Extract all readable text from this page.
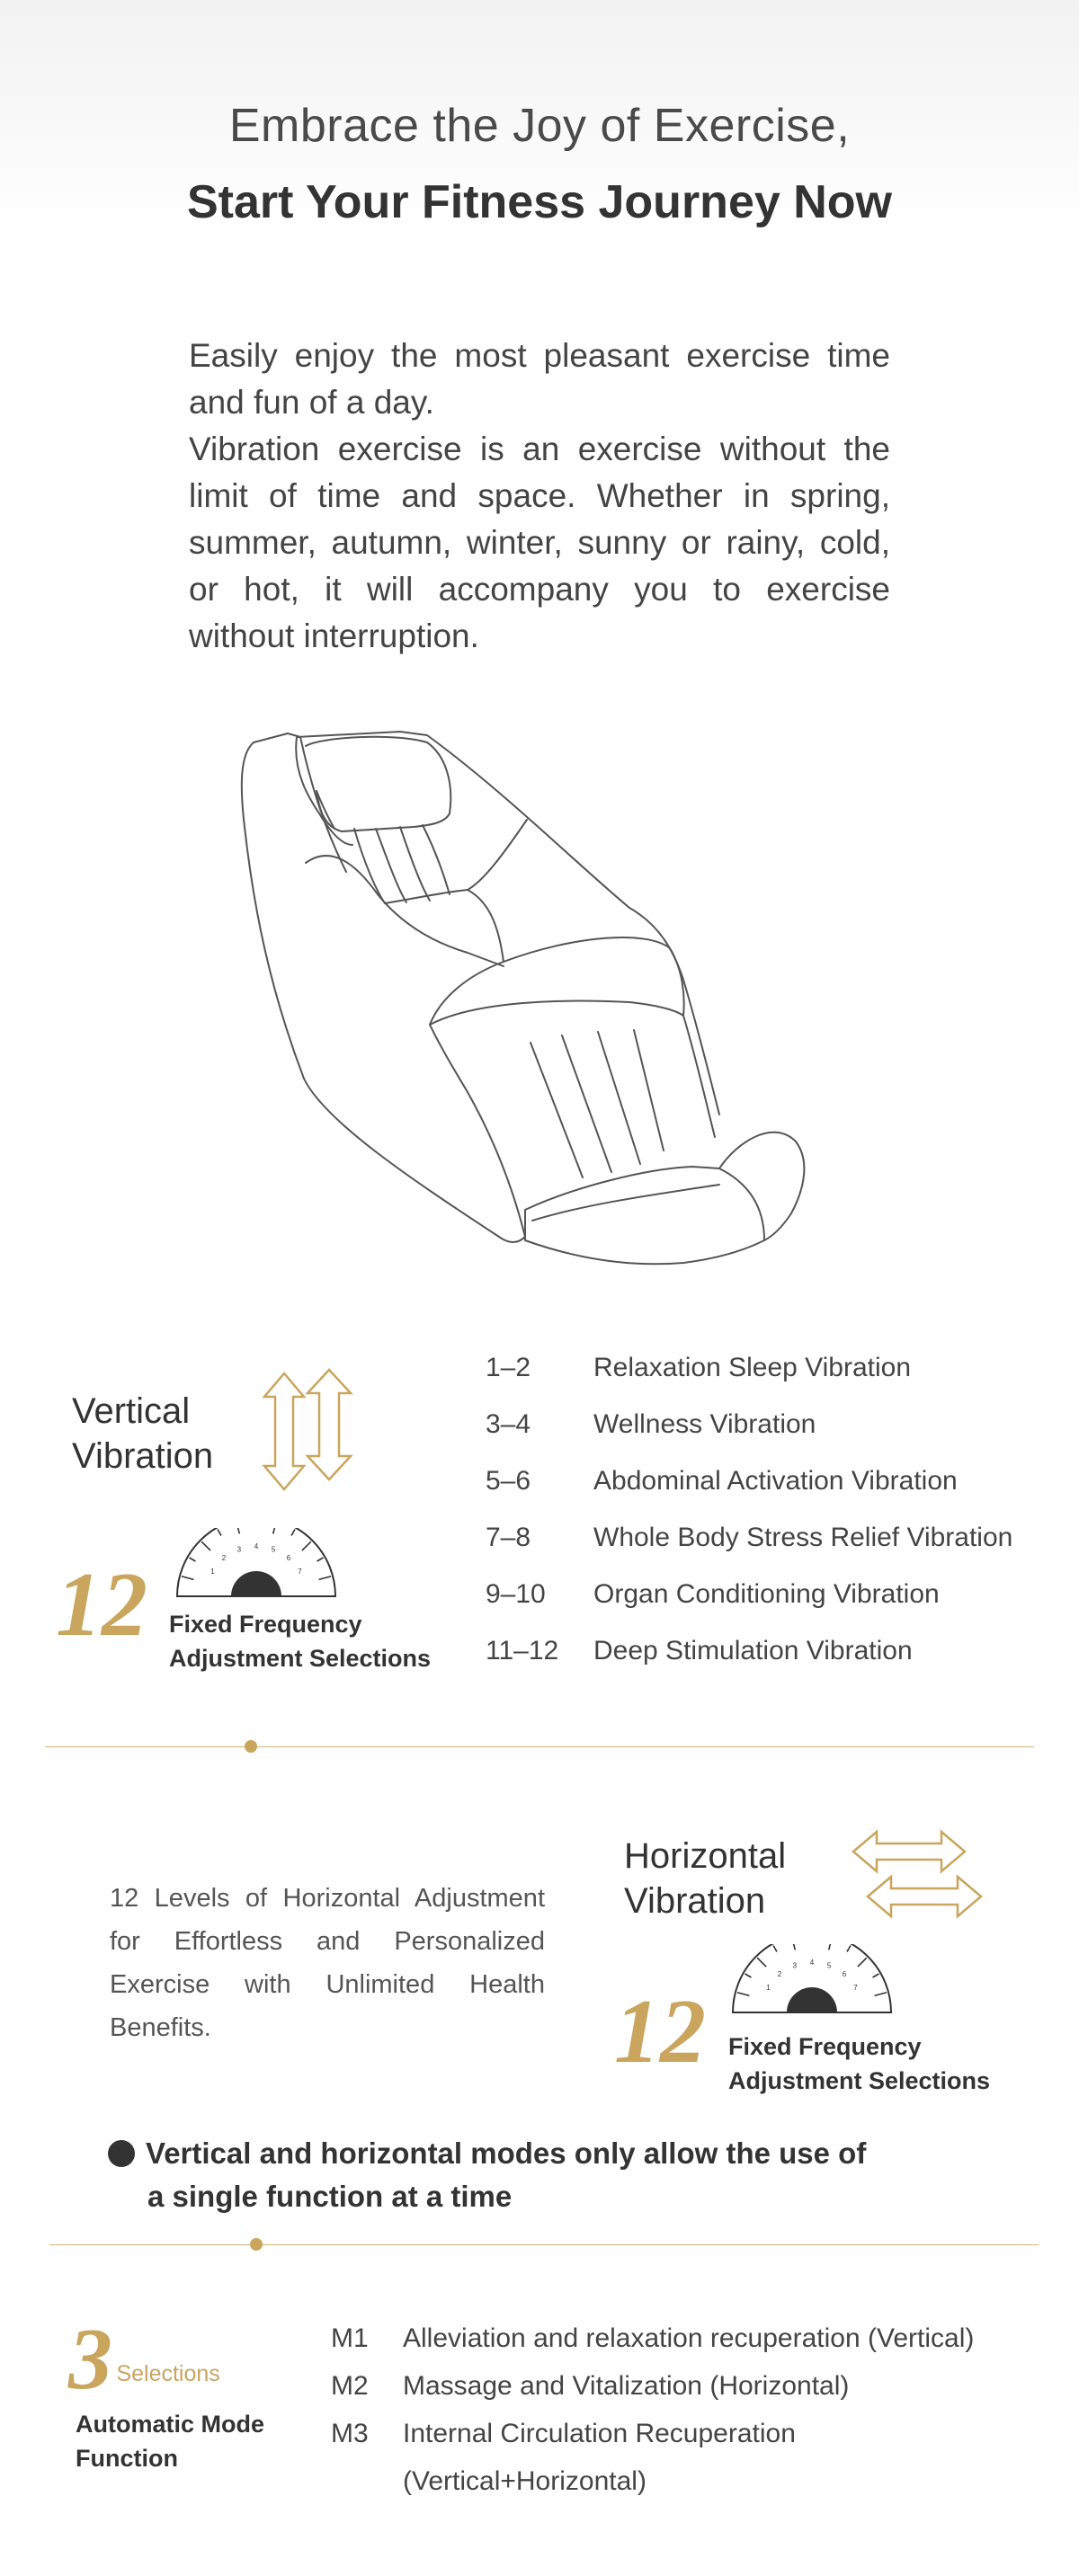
Embrace the Joy of Exercise,
Start Your Fitness Journey Now

Easily enjoy the most pleasant exercise time and fun of a day.

Vibration exercise is an exercise without the limit of time and space. Whether in spring, summer, autumn, winter, sunny or rainy, cold, or hot, it will accompany you to exercise without interruption.

Vertical
Vibration
12	1
2
3 4 5
6
7
Fixed Frequency
Adjustment Selections
1–2	Relaxation Sleep Vibration
3–4	Wellness Vibration
5–6	Abdominal Activation Vibration
7–8	Whole Body Stress Relief Vibration
9–10	Organ Conditioning Vibration
11–12	Deep Stimulation Vibration

12 Levels of Horizontal Adjustment for Effortless and Personalized Exercise with Unlimited Health Benefits.

Horizontal
Vibration
12	1
2
3 4 5
6
7
Fixed Frequency
Adjustment Selections
Vertical and horizontal modes only allow the use of
a single function at a time
3 Selections
Automatic Mode
Function
M1	Alleviation and relaxation recuperation (Vertical)
M2	Massage and Vitalization (Horizontal)
M3	Internal Circulation Recuperation
(Vertical+Horizontal)
